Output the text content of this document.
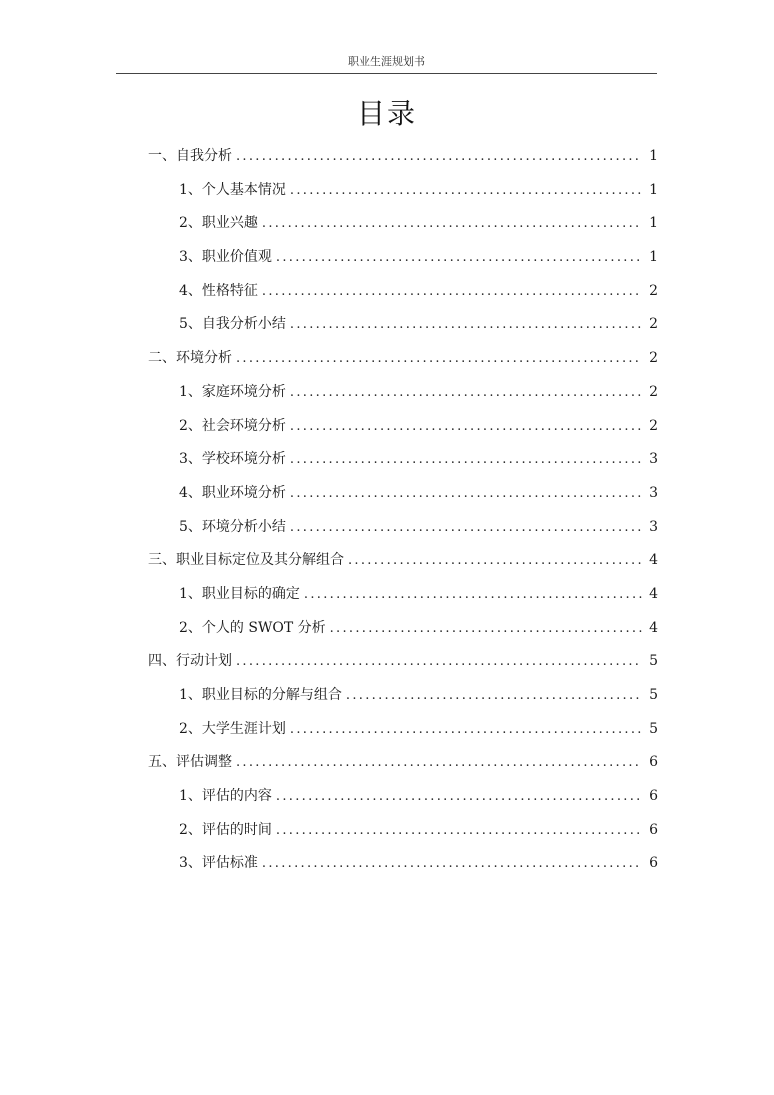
职业生涯规划书
目录
一、自我分析 .....	1
1、个人基本情况 .....	1
2、职业兴趣 .....	1
3、职业价值观 .....	1
4、性格特征 .....	2
5、自我分析小结 .....	2
二、环境分析 .....	2
1、家庭环境分析 .....	2
2、社会环境分析 .....	2
3、学校环境分析 .....	3
4、职业环境分析 .....	3
5、环境分析小结 .....	3
三、职业目标定位及其分解组合 .....	4
1、职业目标的确定 .....	4
2、个人的 SWOT 分析 .....	4
四、行动计划 .....	5
1、职业目标的分解与组合 .....	5
2、大学生涯计划 .....	5
五、评估调整 .....	6
1、评估的内容 .....	6
2、评估的时间 .....	6
3、评估标准 .....	6
